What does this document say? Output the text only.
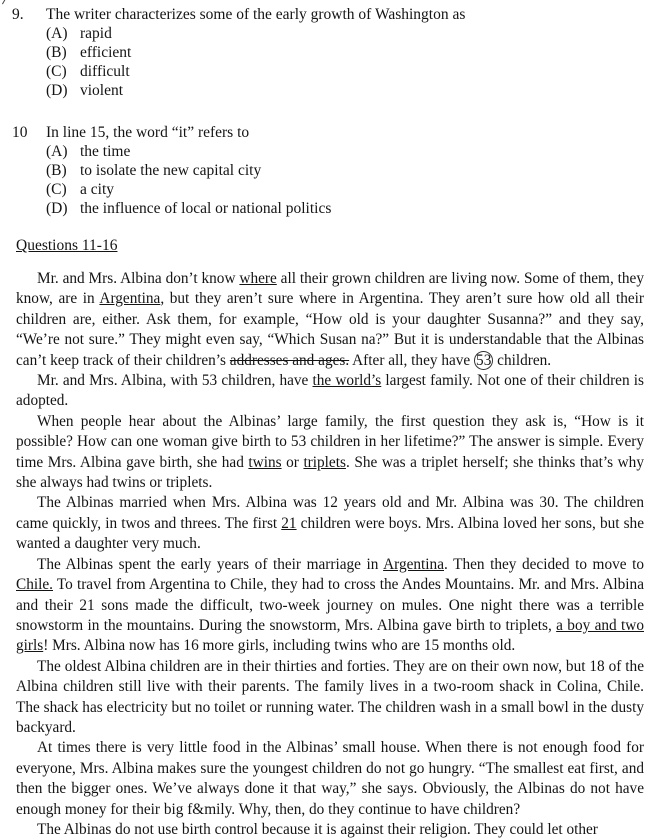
9. The writer characterizes some of the early growth of Washington as
(A) rapid
(B) efficient
(C) difficult
(D) violent
10 In line 15, the word “it” refers to
(A) the time
(B) to isolate the new capital city
(C) a city
(D) the influence of local or national politics
Questions 11-16

Mr. and Mrs. Albina don’t know where all their grown children are living now. Some of them, they know, are in Argentina, but they aren’t sure where in Argentina. They aren’t sure how old all their children are, either. Ask them, for example, “How old is your daughter Susanna?” and they say, “We’re not sure.” They might even say, “Which Susan na?” But it is understandable that the Albinas can’t keep track of their children’s addresses and ages. After all, they have 53 children.

Mr. and Mrs. Albina, with 53 children, have the world’s largest family. Not one of their children is adopted.

When people hear about the Albinas’ large family, the first question they ask is, “How is it possible? How can one woman give birth to 53 children in her lifetime?” The answer is simple. Every time Mrs. Albina gave birth, she had twins or triplets. She was a triplet herself; she thinks that’s why she always had twins or triplets.

The Albinas married when Mrs. Albina was 12 years old and Mr. Albina was 30. The children came quickly, in twos and threes. The first 21 children were boys. Mrs. Albina loved her sons, but she wanted a daughter very much.

The Albinas spent the early years of their marriage in Argentina. Then they decided to move to Chile. To travel from Argentina to Chile, they had to cross the Andes Mountains. Mr. and Mrs. Albina and their 21 sons made the difficult, two-week journey on mules. One night there was a terrible snowstorm in the mountains. During the snowstorm, Mrs. Albina gave birth to triplets, a boy and two girls! Mrs. Albina now has 16 more girls, including twins who are 15 months old.

The oldest Albina children are in their thirties and forties. They are on their own now, but 18 of the Albina children still live with their parents. The family lives in a two-room shack in Colina, Chile. The shack has electricity but no toilet or running water. The children wash in a small bowl in the dusty backyard.

At times there is very little food in the Albinas’ small house. When there is not enough food for everyone, Mrs. Albina makes sure the youngest children do not go hungry. “The smallest eat first, and then the bigger ones. We’ve always done it that way,” she says. Obviously, the Albinas do not have enough money for their big f&mily. Why, then, do they continue to have children?

The Albinas do not use birth control because it is against their religion. They could let other
